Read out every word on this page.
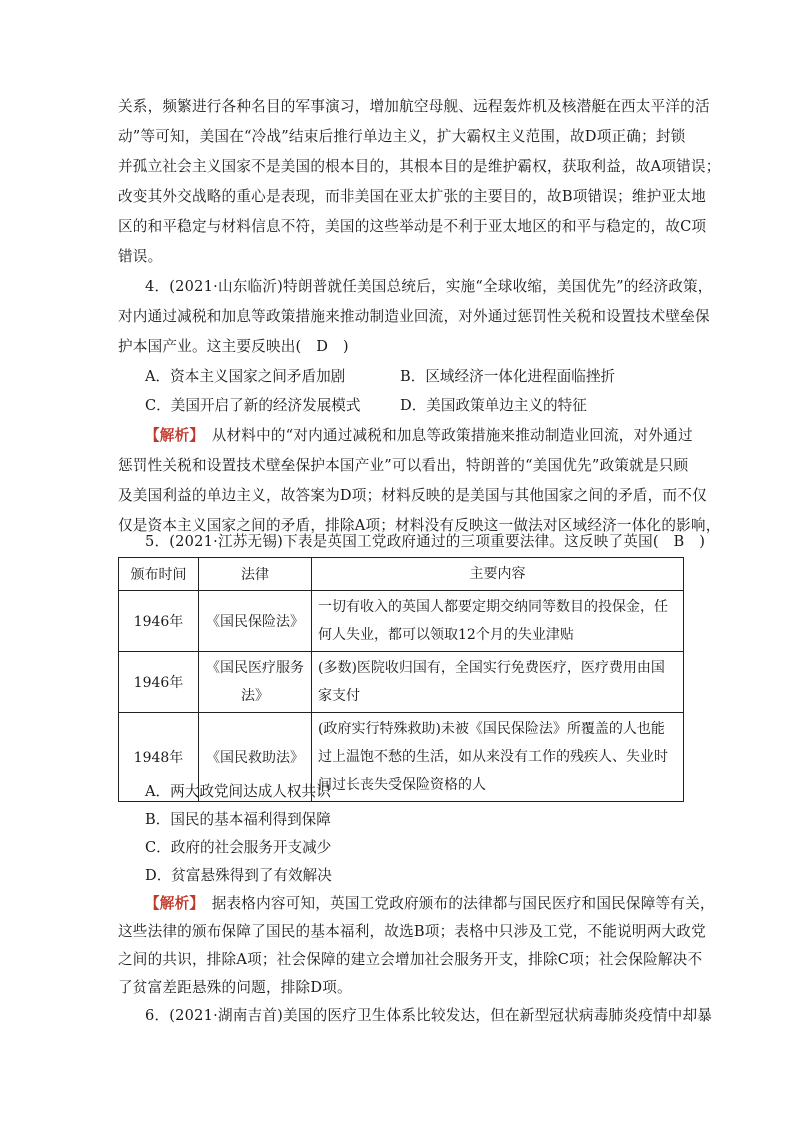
关系，频繁进行各种名目的军事演习，增加航空母舰、远程轰炸机及核潜艇在西太平洋的活
动”等可知，美国在“冷战”结束后推行单边主义，扩大霸权主义范围，故D项正确；封锁
并孤立社会主义国家不是美国的根本目的，其根本目的是维护霸权，获取利益，故A项错误；
改变其外交战略的重心是表现，而非美国在亚太扩张的主要目的，故B项错误；维护亚太地
区的和平稳定与材料信息不符，美国的这些举动是不利于亚太地区的和平与稳定的，故C项
错误。
4．(2021·山东临沂)特朗普就任美国总统后，实施“全球收缩，美国优先”的经济政策，
对内通过减税和加息等政策措施来推动制造业回流，对外通过惩罚性关税和设置技术壁垒保
护本国产业。这主要反映出(　D　)
A．资本主义国家之间矛盾加剧	B．区域经济一体化进程面临挫折
C．美国开启了新的经济发展模式	D．美国政策单边主义的特征
【解析】　 从材料中的“对内通过减税和加息等政策措施来推动制造业回流，对外通过
惩罚性关税和设置技术壁垒保护本国产业”可以看出，特朗普的“美国优先”政策就是只顾
及美国利益的单边主义，故答案为D项；材料反映的是美国与其他国家之间的矛盾，而不仅
仅是资本主义国家之间的矛盾，排除A项；材料没有反映这一做法对区域经济一体化的影响，
5．(2021·江苏无锡)下表是英国工党政府通过的三项重要法律。这反映了英国(　B　)
颁布时间	法律	主要内容
1946年	《国民保险法》	一切有收入的英国人都要定期交纳同等数目的投保金，任何人失业，都可以领取12个月的失业津贴
1946年	《国民医疗服务法》	(多数)医院收归国有，全国实行免费医疗，医疗费用由国家支付
1948年	《国民救助法》	(政府实行特殊救助)未被《国民保险法》所覆盖的人也能过上温饱不愁的生活，如从来没有工作的残疾人、失业时间过长丧失受保险资格的人
A．两大政党间达成人权共识
B．国民的基本福利得到保障
C．政府的社会服务开支减少
D．贫富悬殊得到了有效解决
【解析】　 据表格内容可知，英国工党政府颁布的法律都与国民医疗和国民保障等有关，
这些法律的颁布保障了国民的基本福利，故选B项；表格中只涉及工党，不能说明两大政党
之间的共识，排除A项；社会保障的建立会增加社会服务开支，排除C项；社会保险解决不
了贫富差距悬殊的问题，排除D项。
6．(2021·湖南吉首)美国的医疗卫生体系比较发达，但在新型冠状病毒肺炎疫情中却暴
